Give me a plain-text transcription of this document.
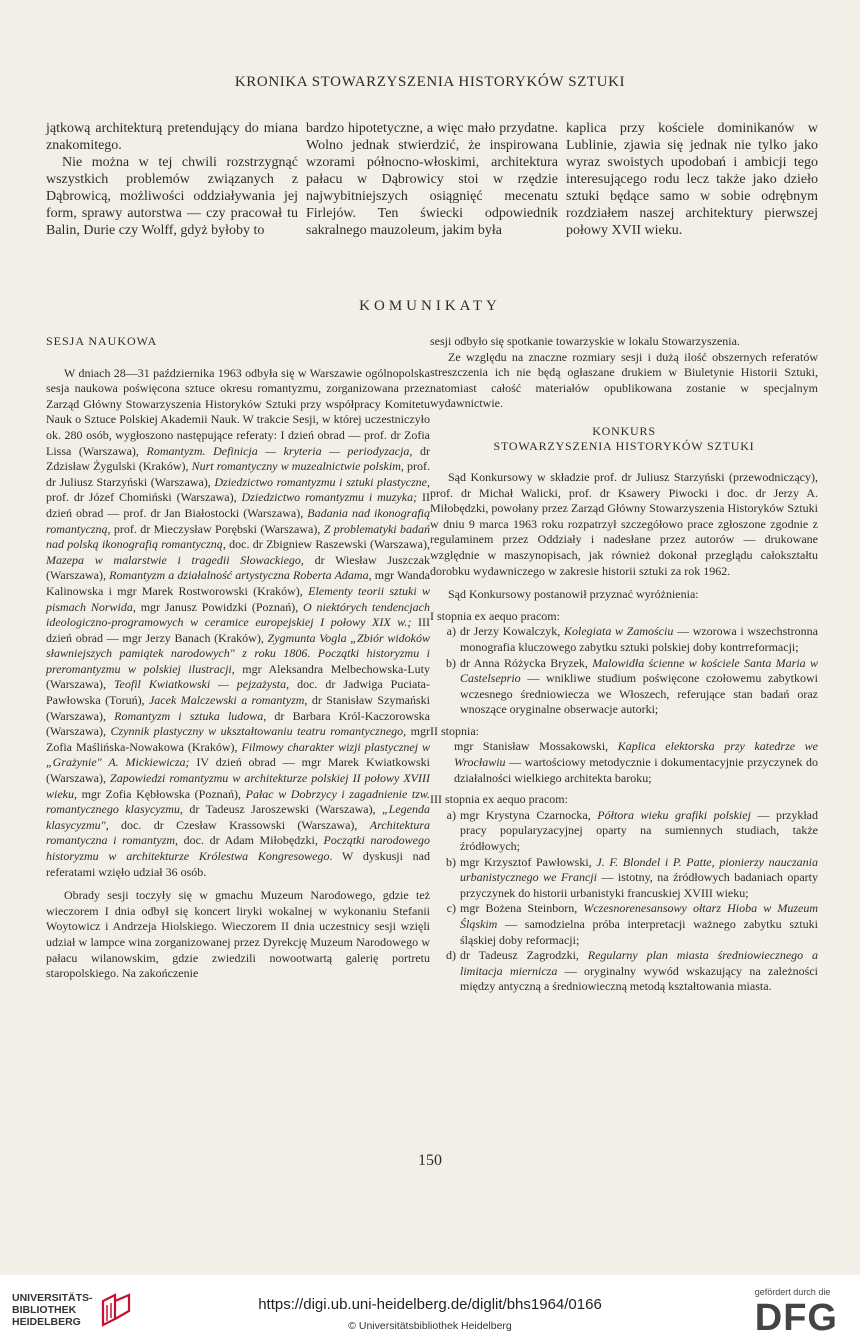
KRONIKA STOWARZYSZENIA HISTORYKÓW SZTUKI

jątkową architekturą pretendujący do miana znakomitego.

Nie można w tej chwili rozstrzygnąć wszystkich problemów związanych z Dąbrowicą, możliwości oddziaływania jej form, sprawy autorstwa — czy pracował tu Balin, Durie czy Wolff, gdyż byłoby to

bardzo hipotetyczne, a więc mało przydatne. Wolno jednak stwierdzić, że inspirowana wzorami północno-włoskimi, architektura pałacu w Dąbrowicy stoi w rzędzie najwybitniejszych osiągnięć mecenatu Firlejów. Ten świecki odpowiednik sakralnego mauzoleum, jakim była

kaplica przy kościele dominikanów w Lublinie, zjawia się jednak nie tylko jako wyraz swoistych upodobań i ambicji tego interesującego rodu lecz także jako dzieło sztuki będące samo w sobie odrębnym rozdziałem naszej architektury pierwszej połowy XVII wieku.

KOMUNIKATY
SESJA NAUKOWA

W dniach 28—31 października 1963 odbyła się w Warszawie ogólnopolska sesja naukowa poświęcona sztuce okresu romantyzmu, zorganizowana przez Zarząd Główny Stowarzyszenia Historyków Sztuki przy współpracy Komitetu Nauk o Sztuce Polskiej Akademii Nauk. W trakcie Sesji, w której uczestniczyło ok. 280 osób, wygłoszono następujące referaty: I dzień obrad — prof. dr Zofia Lissa (Warszawa), Romantyzm. Definicja — kryteria — periodyzacja, dr Zdzisław Żygulski (Kraków), Nurt romantyczny w muzealnictwie polskim, prof. dr Juliusz Starzyński (Warszawa), Dziedzictwo romantyzmu i sztuki plastyczne, prof. dr Józef Chomiński (Warszawa), Dziedzictwo romantyzmu i muzyka; II dzień obrad — prof. dr Jan Białostocki (Warszawa), Badania nad ikonografią romantyczną, prof. dr Mieczysław Porębski (Warszawa), Z problematyki badań nad polską ikonografią romantyczną, doc. dr Zbigniew Raszewski (Warszawa), Mazepa w malarstwie i tragedii Słowackiego, dr Wiesław Juszczak (Warszawa), Romantyzm a działalność artystyczna Roberta Adama, mgr Wanda Kalinowska i mgr Marek Rostworowski (Kraków), Elementy teorii sztuki w pismach Norwida, mgr Janusz Powidzki (Poznań), O niektórych tendencjach ideologiczno-programowych w ceramice europejskiej I połowy XIX w.; III dzień obrad — mgr Jerzy Banach (Kraków), Zygmunta Vogla „Zbiór widoków sławniejszych pamiątek narodowych" z roku 1806. Początki historyzmu i preromantyzmu w polskiej ilustracji, mgr Aleksandra Melbechowska-Luty (Warszawa), Teofil Kwiatkowski — pejzażysta, doc. dr Jadwiga Puciata-Pawłowska (Toruń), Jacek Malczewski a romantyzm, dr Stanisław Szymański (Warszawa), Romantyzm i sztuka ludowa, dr Barbara Król-Kaczorowska (Warszawa), Czynnik plastyczny w ukształtowaniu teatru romantycznego, mgr Zofia Maślińska-Nowakowa (Kraków), Filmowy charakter wizji plastycznej w „Grażynie" A. Mickiewicza; IV dzień obrad — mgr Marek Kwiatkowski (Warszawa), Zapowiedzi romantyzmu w architekturze polskiej II połowy XVIII wieku, mgr Zofia Kębłowska (Poznań), Pałac w Dobrzycy i zagadnienie tzw. romantycznego klasycyzmu, dr Tadeusz Jaroszewski (Warszawa), „Legenda klasycyzmu", doc. dr Czesław Krassowski (Warszawa), Architektura romantyczna i romantyzm, doc. dr Adam Miłobędzki, Początki narodowego historyzmu w architekturze Królestwa Kongresowego. W dyskusji nad referatami wzięło udział 36 osób.

Obrady sesji toczyły się w gmachu Muzeum Narodowego, gdzie też wieczorem I dnia odbył się koncert liryki wokalnej w wykonaniu Stefanii Woytowicz i Andrzeja Hiolskiego. Wieczorem II dnia uczestnicy sesji wzięli udział w lampce wina zorganizowanej przez Dyrekcję Muzeum Narodowego w pałacu wilanowskim, gdzie zwiedzili nowootwartą galerię portretu staropolskiego. Na zakończenie

sesji odbyło się spotkanie towarzyskie w lokalu Stowarzyszenia.

Ze względu na znaczne rozmiary sesji i dużą ilość obszernych referatów streszczenia ich nie będą ogłaszane drukiem w Biuletynie Historii Sztuki, natomiast całość materiałów opublikowana zostanie w specjalnym wydawnictwie.

KONKURS
STOWARZYSZENIA HISTORYKÓW SZTUKI

Sąd Konkursowy w składzie prof. dr Juliusz Starzyński (przewodniczący), prof. dr Michał Walicki, prof. dr Ksawery Piwocki i doc. dr Jerzy A. Miłobędzki, powołany przez Zarząd Główny Stowarzyszenia Historyków Sztuki w dniu 9 marca 1963 roku rozpatrzył szczegółowo prace zgłoszone zgodnie z regulaminem przez Oddziały i nadesłane przez autorów — drukowane względnie w maszynopisach, jak również dokonał przeglądu całokształtu dorobku wydawniczego w zakresie historii sztuki za rok 1962.

Sąd Konkursowy postanowił przyznać wyróżnienia:

I stopnia ex aequo pracom:
a) dr Jerzy Kowalczyk, Kolegiata w Zamościu — wzorowa i wszechstronna monografia kluczowego zabytku sztuki polskiej doby kontrreformacji;
b) dr Anna Różycka Bryzek, Malowidła ścienne w kościele Santa Maria w Castelseprio — wnikliwe studium poświęcone czołowemu zabytkowi wczesnego średniowiecza we Włoszech, referujące stan badań oraz wnoszące oryginalne obserwacje autorki;
II stopnia:
mgr Stanisław Mossakowski, Kaplica elektorska przy katedrze we Wrocławiu — wartościowy metodycznie i dokumentacyjnie przyczynek do działalności wielkiego architekta baroku;
III stopnia ex aequo pracom:
a) mgr Krystyna Czarnocka, Półtora wieku grafiki polskiej — przykład pracy popularyzacyjnej oparty na sumiennych studiach, także źródłowych;
b) mgr Krzysztof Pawłowski, J. F. Blondel i P. Patte, pionierzy nauczania urbanistycznego we Francji — istotny, na źródłowych badaniach oparty przyczynek do historii urbanistyki francuskiej XVIII wieku;
c) mgr Bożena Steinborn, Wczesnorenesansowy ołtarz Hioba w Muzeum Śląskim — samodzielna próba interpretacji ważnego zabytku sztuki śląskiej doby reformacji;
d) dr Tadeusz Zagrodzki, Regularny plan miasta średniowiecznego a limitacja miernicza — oryginalny wywód wskazujący na zależności między antyczną a średniowieczną metodą kształtowania miasta.
150
UNIVERSITÄTS-
BIBLIOTHEK
HEIDELBERG
https://digi.ub.uni-heidelberg.de/diglit/bhs1964/0166
© Universitätsbibliothek Heidelberg
gefördert durch die
DFG
